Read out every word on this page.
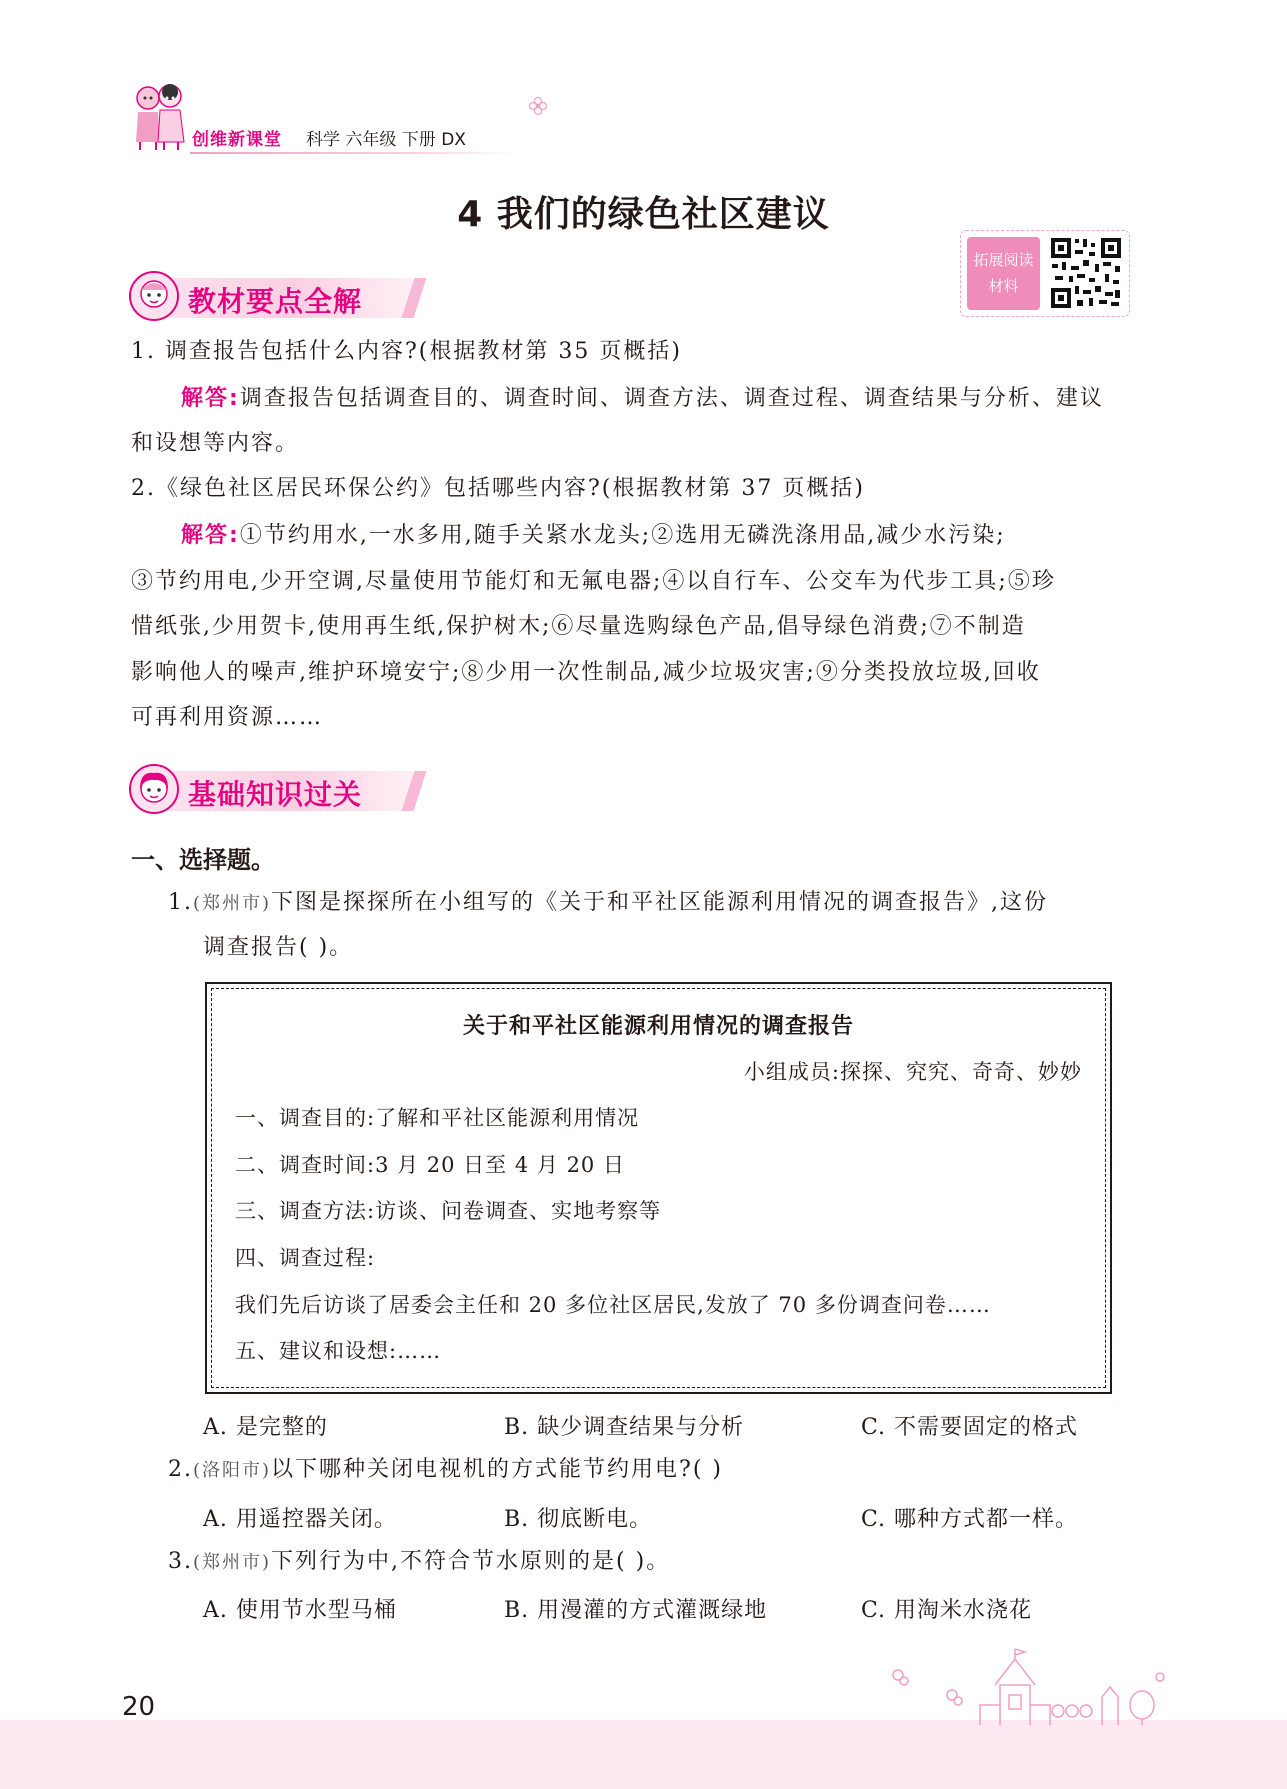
创维新课堂 科学 六年级 下册 DX
4 我们的绿色社区建议
拓展阅读
材料
教材要点全解
1. 调查报告包括什么内容?(根据教材第 35 页概括)
解答:调查报告包括调查目的、调查时间、调查方法、调查过程、调查结果与分析、建议
和设想等内容。
2.《绿色社区居民环保公约》包括哪些内容?(根据教材第 37 页概括)
解答:①节约用水,一水多用,随手关紧水龙头;②选用无磷洗涤用品,减少水污染;
③节约用电,少开空调,尽量使用节能灯和无氟电器;④以自行车、公交车为代步工具;⑤珍
惜纸张,少用贺卡,使用再生纸,保护树木;⑥尽量选购绿色产品,倡导绿色消费;⑦不制造
影响他人的噪声,维护环境安宁;⑧少用一次性制品,减少垃圾灾害;⑨分类投放垃圾,回收
可再利用资源……
基础知识过关
一、选择题。
1.(郑州市)下图是探探所在小组写的《关于和平社区能源利用情况的调查报告》,这份
调查报告( )。
关于和平社区能源利用情况的调查报告
小组成员:探探、究究、奇奇、妙妙
一、调查目的:了解和平社区能源利用情况
二、调查时间:3 月 20 日至 4 月 20 日
三、调查方法:访谈、问卷调查、实地考察等
四、调查过程:
我们先后访谈了居委会主任和 20 多位社区居民,发放了 70 多份调查问卷……
五、建议和设想:……
A. 是完整的	B. 缺少调查结果与分析	C. 不需要固定的格式
2.(洛阳市)以下哪种关闭电视机的方式能节约用电?( )
A. 用遥控器关闭。	B. 彻底断电。	C. 哪种方式都一样。
3.(郑州市)下列行为中,不符合节水原则的是( )。
A. 使用节水型马桶	B. 用漫灌的方式灌溉绿地	C. 用淘米水浇花
20
